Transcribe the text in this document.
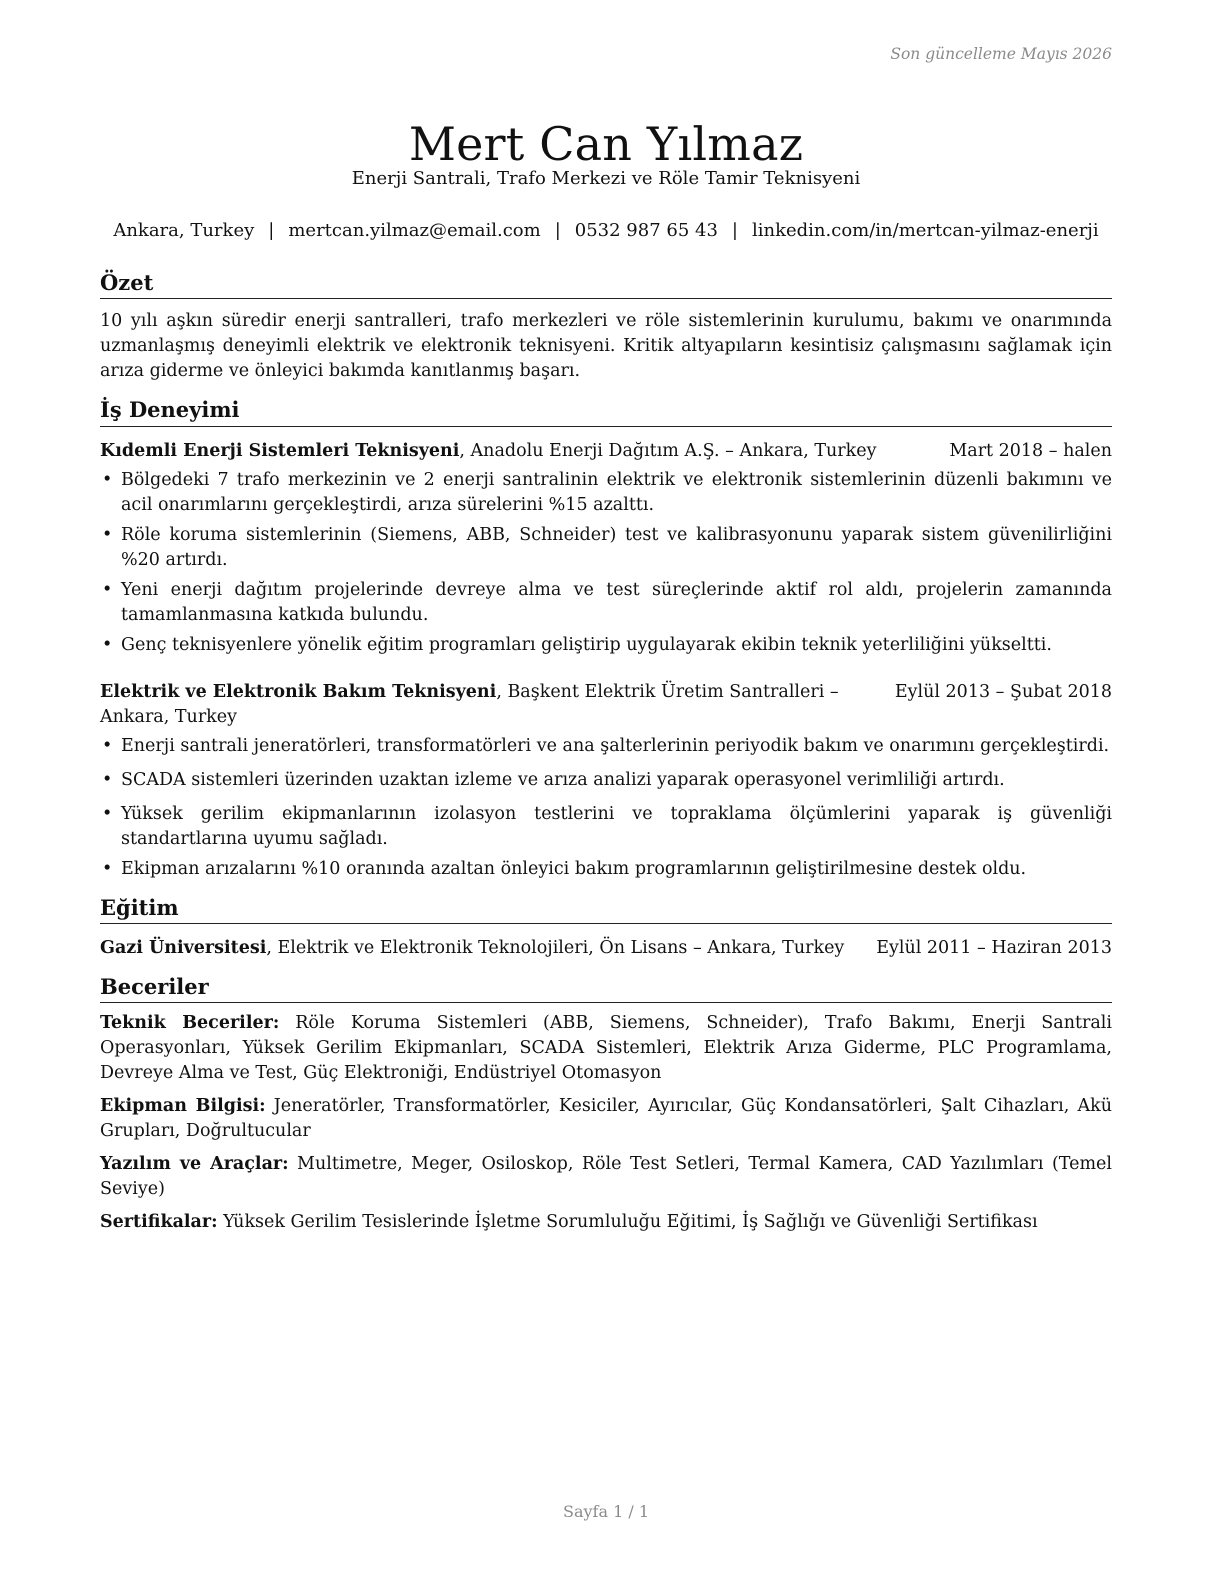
Son güncelleme Mayıs 2026
Mert Can Yılmaz
Enerji Santrali, Trafo Merkezi ve Röle Tamir Teknisyeni
Ankara, Turkey | mertcan.yilmaz@email.com | 0532 987 65 43 | linkedin.com/in/mertcan-yilmaz-enerji
Özet

10 yılı aşkın süredir enerji santralleri, trafo merkezleri ve röle sistemlerinin kurulumu, bakımı ve onarımında uzmanlaşmış deneyimli elektrik ve elektronik teknisyeni. Kritik altyapıların kesintisiz çalışmasını sağlamak için arıza giderme ve önleyici bakımda kanıtlanmış başarı.

İş Deneyimi
Kıdemli Enerji Sistemleri Teknisyeni, Anadolu Enerji Dağıtım A.Ş. – Ankara, Turkey	Mart 2018 – halen
• Bölgedeki 7 trafo merkezinin ve 2 enerji santralinin elektrik ve elektronik sistemlerinin düzenli bakımını ve acil onarımlarını gerçekleştirdi, arıza sürelerini %15 azalttı.
• Röle koruma sistemlerinin (Siemens, ABB, Schneider) test ve kalibrasyonunu yaparak sistem güvenilirliğini %20 artırdı.
• Yeni enerji dağıtım projelerinde devreye alma ve test süreçlerinde aktif rol aldı, projelerin zamanında tamamlanmasına katkıda bulundu.
• Genç teknisyenlere yönelik eğitim programları geliştirip uygulayarak ekibin teknik yeterliliğini yükseltti.
Elektrik ve Elektronik Bakım Teknisyeni, Başkent Elektrik Üretim Santralleri – Ankara, Turkey
Eylül 2013 – Şubat 2018
• Enerji santrali jeneratörleri, transformatörleri ve ana şalterlerinin periyodik bakım ve onarımını gerçekleştirdi.
• SCADA sistemleri üzerinden uzaktan izleme ve arıza analizi yaparak operasyonel verimliliği artırdı.
• Yüksek gerilim ekipmanlarının izolasyon testlerini ve topraklama ölçümlerini yaparak iş güvenliği standartlarına uyumu sağladı.
• Ekipman arızalarını %10 oranında azaltan önleyici bakım programlarının geliştirilmesine destek oldu.
Eğitim
Gazi Üniversitesi, Elektrik ve Elektronik Teknolojileri, Ön Lisans – Ankara, Turkey	Eylül 2011 – Haziran 2013
Beceriler

Teknik Beceriler: Röle Koruma Sistemleri (ABB, Siemens, Schneider), Trafo Bakımı, Enerji Santrali Operasyonları, Yüksek Gerilim Ekipmanları, SCADA Sistemleri, Elektrik Arıza Giderme, PLC Programlama, Devreye Alma ve Test, Güç Elektroniği, Endüstriyel Otomasyon

Ekipman Bilgisi: Jeneratörler, Transformatörler, Kesiciler, Ayırıcılar, Güç Kondansatörleri, Şalt Cihazları, Akü Grupları, Doğrultucular

Yazılım ve Araçlar: Multimetre, Meger, Osiloskop, Röle Test Setleri, Termal Kamera, CAD Yazılımları (Temel Seviye)

Sertifikalar: Yüksek Gerilim Tesislerinde İşletme Sorumluluğu Eğitimi, İş Sağlığı ve Güvenliği Sertifikası

Sayfa 1 / 1
